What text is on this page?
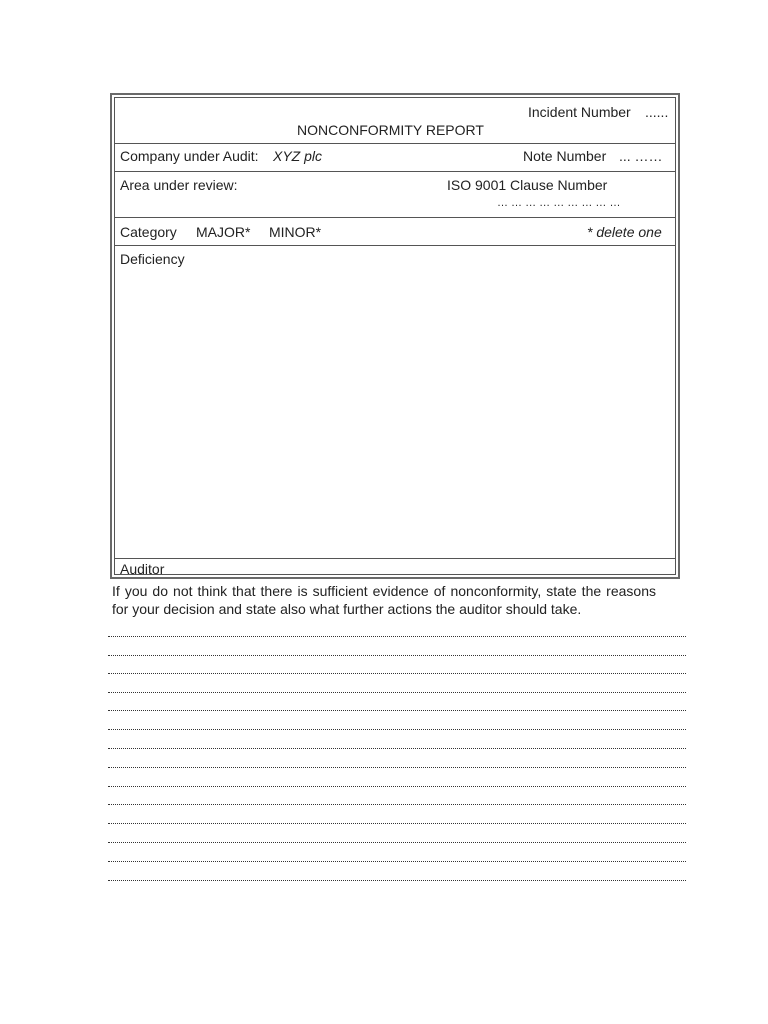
Incident Number ......
NONCONFORMITY REPORT
Company under Audit: XYZ plc	Note Number ... ……
Area under review:	ISO 9001 Clause Number
… … … … … … … … …
Category MAJOR* MINOR*	* delete one
Deficiency
Auditor
If you do not think that there is sufficient evidence of nonconformity, state the reasons for your decision and state also what further actions the auditor should take.
